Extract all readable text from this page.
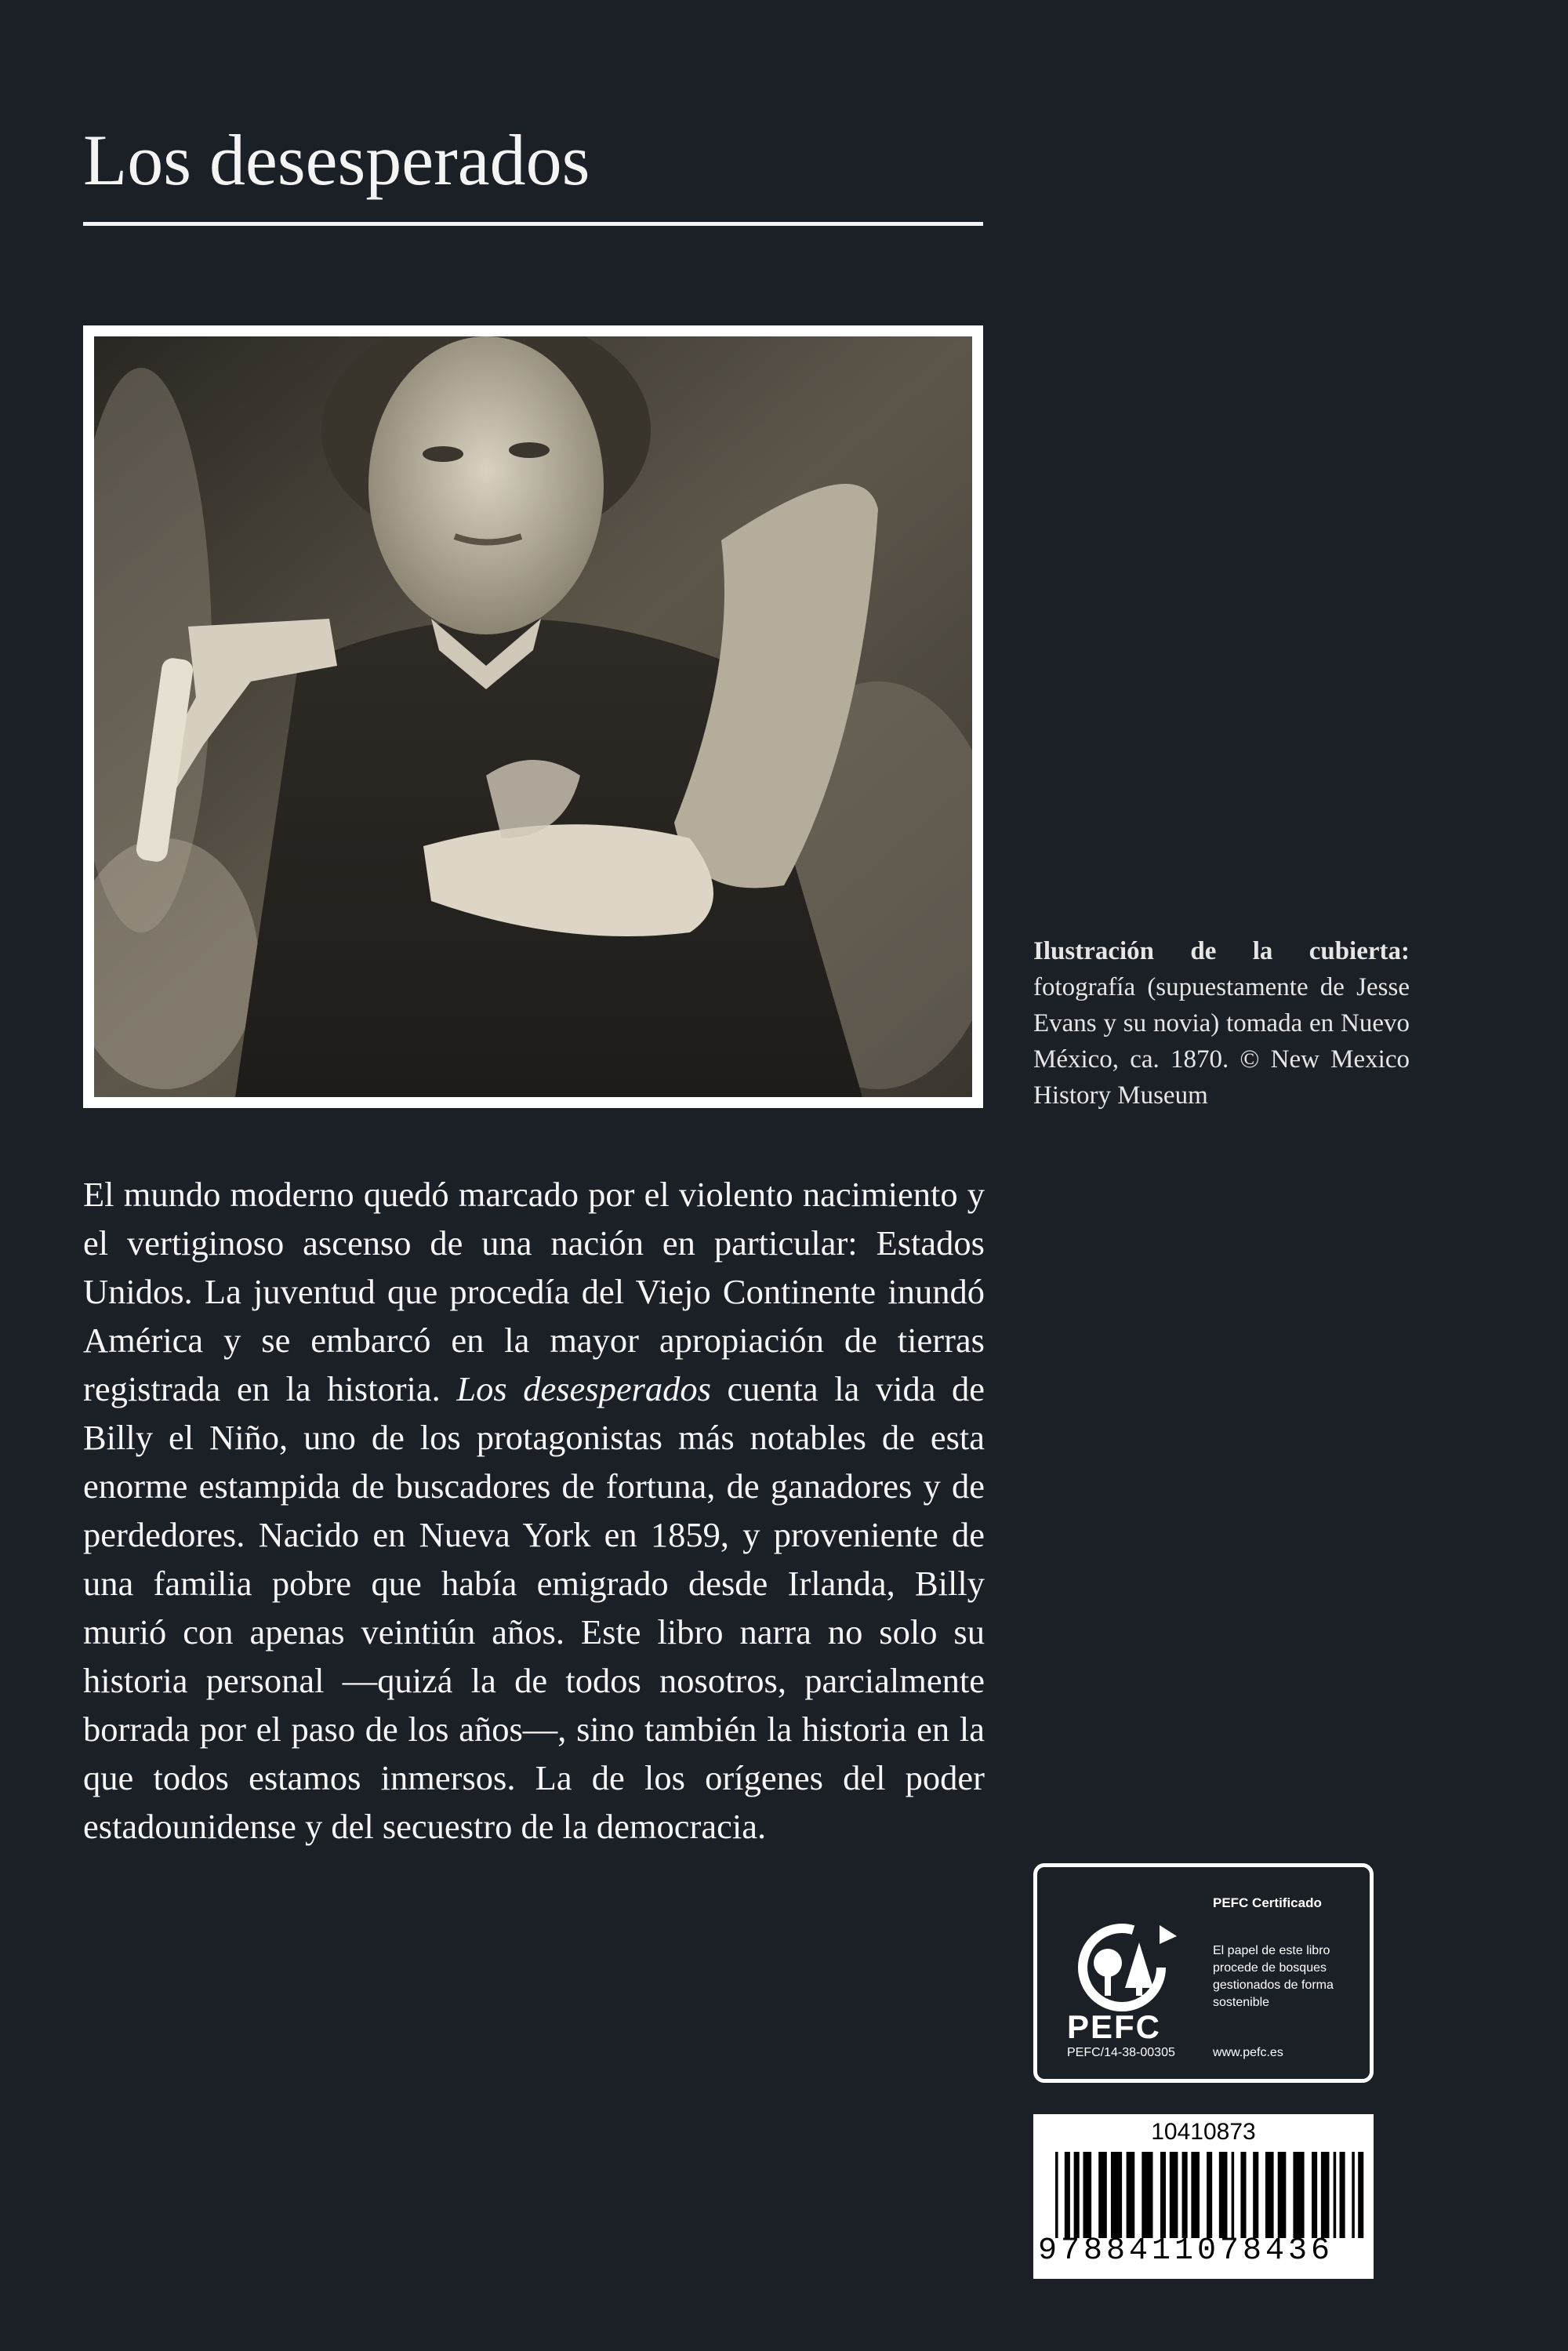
Los desesperados
Ilustración de la cubierta: fotografía (supuestamente de Jesse Evans y su novia) tomada en Nuevo México, ca. 1870. © New Mexico History Museum

El mundo moderno quedó marcado por el violento nacimiento y el vertiginoso ascenso de una nación en particular: Estados Unidos. La juventud que procedía del Viejo Continente inundó América y se embarcó en la mayor apropiación de tierras registrada en la historia. Los desesperados cuenta la vida de Billy el Niño, uno de los protagonistas más notables de esta enorme estampida de buscadores de fortuna, de ganadores y de perdedores. Nacido en Nueva York en 1859, y proveniente de una familia pobre que había emigrado desde Irlanda, Billy murió con apenas veintiún años. Este libro narra no solo su historia personal —quizá la de todos nosotros, parcialmente borrada por el paso de los años—, sino también la historia en la que todos estamos inmersos. La de los orígenes del poder estadounidense y del secuestro de la democracia.

PEFC
PEFC/14-38-00305
PEFC Certificado
El papel de este libro procede de bosques gestionados de forma sostenible
www.pefc.es
10410873
9788411078436
